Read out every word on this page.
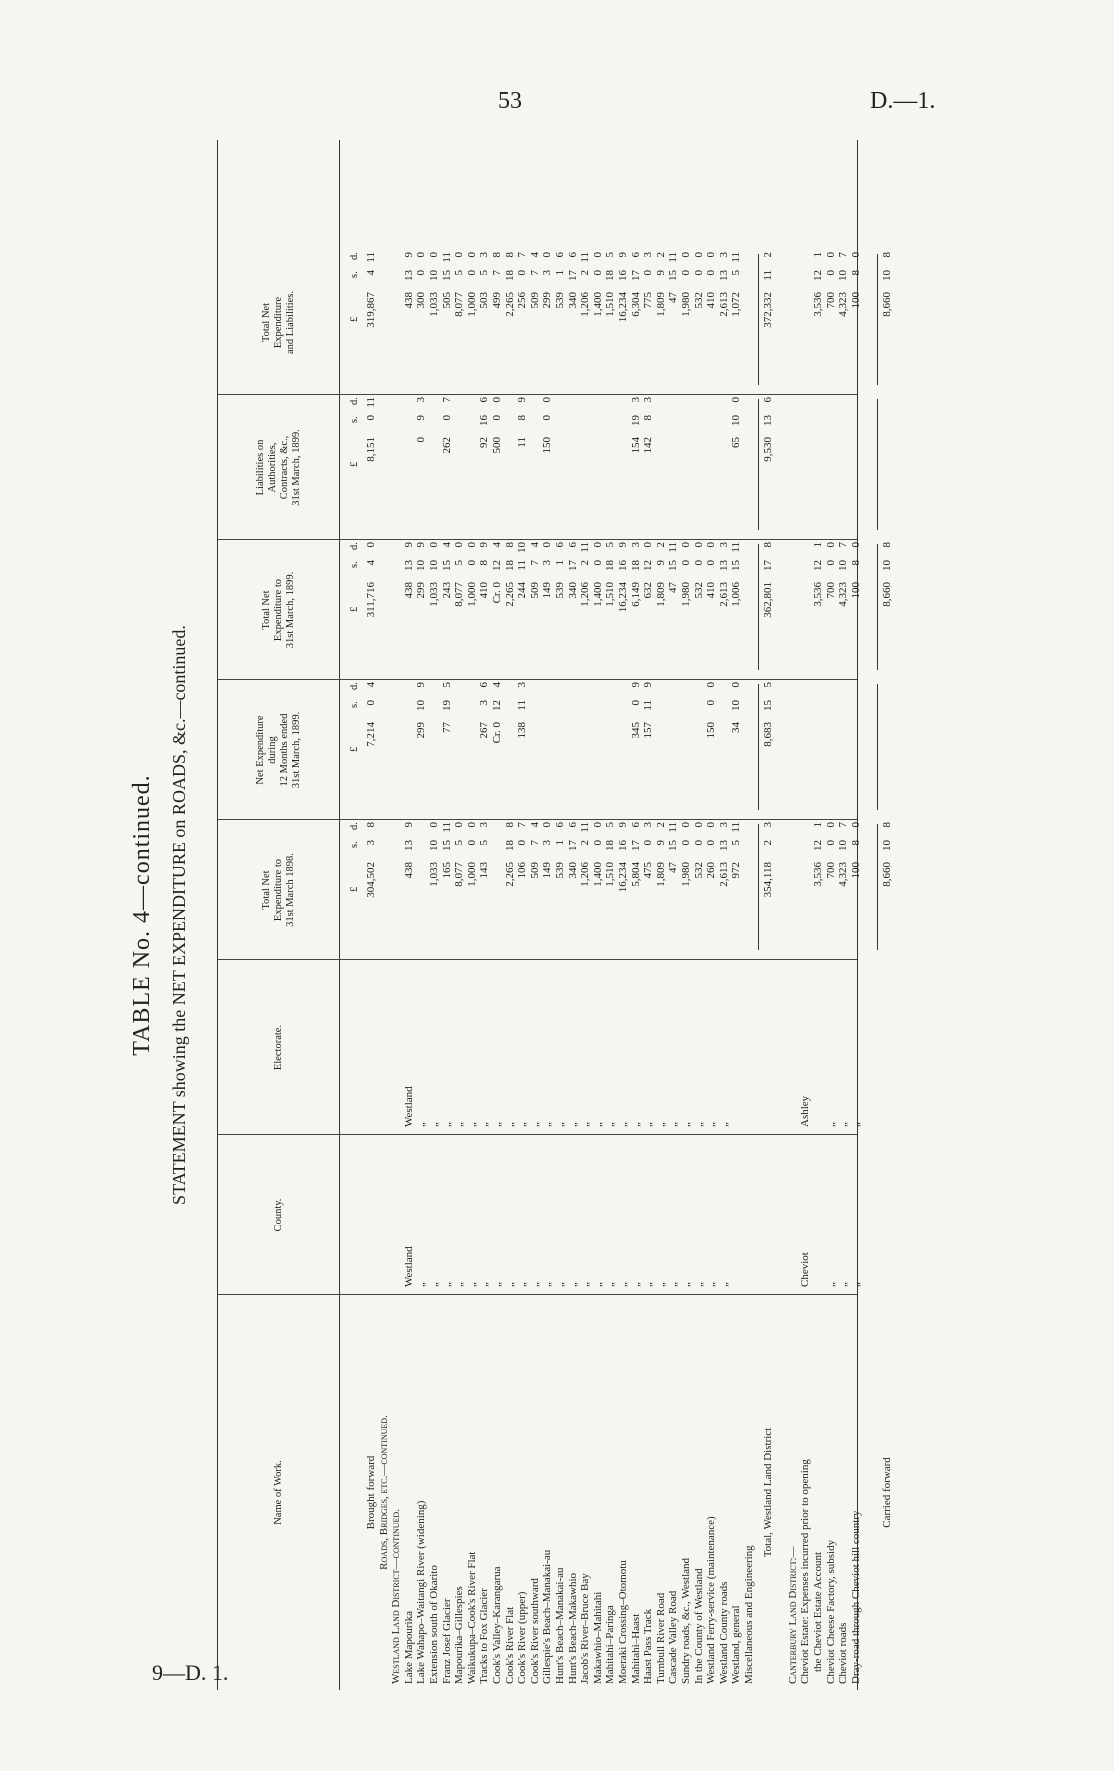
53	D.—1.
9—D. 1.
TABLE No. 4—continued. STATEMENT showing the NET EXPENDITURE on ROADS, &c.—continued.
Name of Work.
County.
Electorate.
Total Net
Expenditure to
31st March 1898.
Net Expenditure
during
12 Months ended
31st March, 1899.
Total Net
Expenditure to
31st March, 1899.
Liabilities on
Authorities,
Contracts, &c.,
31st March, 1899.
Total Net
Expenditure
and Liabilities.
£
s.
d.
£
s.
d.
£
s.
d.
£
s.
d.
£
s.
d.
Brought forward
304,502
3
8
7,214
0
4
311,716
4
0
8,151
0
11
319,867
4
11
Roads, Bridges, etc.—continued.
Westland Land District—continued. Lake Mapourika
Westland
Westland
438
13
9
438
13
9
438
13
9
Lake Wahapo–Waitangi River (widening)
„
„
299
10
9
299
10
9
0
9
3
300
0
0
Extension south of Okarito
„
„
1,033
10
0
1,033
10
0
1,033
10
0
Franz Josef Glacier
„
„
165
15
11
77
19
5
243
15
4
262
0
7
505
15
11
Mapourika–Gillespies
„
„
8,077
5
0
8,077
5
0
8,077
5
0
Waikukupa–Cook's River Flat
„
„
1,000
0
0
1,000
0
0
1,000
0
0
Tracks to Fox Glacier
„
„
143
5
3
267
3
6
410
8
9
92
16
6
503
5
3
Cook's Valley–Karangarua
„
„
Cr. 0
12
4
Cr. 0
12
4
500
0
0
499
7
8
Cook's River Flat
„
„
2,265
18
8
2,265
18
8
2,265
18
8
Cook's River (upper)
„
„
106
0
7
138
11
3
244
11
10
11
8
9
256
0
7
Cook's River southward
„
„
509
7
4
509
7
4
509
7
4
Gillespie's Beach–Manakai-au
„
„
149
3
0
149
3
0
150
0
0
299
3
0
Hunt's Beach–Manakai-au
„
„
539
1
6
539
1
6
539
1
6
Hunt's Beach–Makawhio
„
„
340
17
6
340
17
6
340
17
6
Jacob's River–Bruce Bay
„
„
1,206
2
11
1,206
2
11
1,206
2
11
Makawhio–Mahitahi
„
„
1,400
0
0
1,400
0
0
1,400
0
0
Mahitahi–Paringa
„
„
1,510
18
5
1,510
18
5
1,510
18
5
Moeraki Crossing–Otomotu
„
„
16,234
16
9
16,234
16
9
16,234
16
9
Mahitahi–Haast
„
„
5,804
17
6
345
0
9
6,149
18
3
154
19
3
6,304
17
6
Haast Pass Track
„
„
475
0
3
157
11
9
632
12
0
142
8
3
775
0
3
Turnbull River Road
„
„
1,809
9
2
1,809
9
2
1,809
9
2
Cascade Valley Road
„
„
47
15
11
47
15
11
47
15
11
Sundry roads, &c., Westland
„
„
1,980
0
0
1,980
0
0
1,980
0
0
In the County of Westland
„
„
532
0
0
532
0
0
532
0
0
Westland Ferry-service (maintenance)
„
„
260
0
0
150
0
0
410
0
0
410
0
0
Westland County roads
„
„
2,613
13
3
2,613
13
3
2,613
13
3
Westland, general
972
5
11
34
10
0
1,006
15
11
65
10
0
1,072
5
11
Miscellaneous and Engineering
Total, Westland Land District
354,118
2
3
8,683
15
5
362,801
17
8
9,530
13
6
372,332
11
2
Canterbury Land District:— Cheviot Estate: Expenses incurred prior to opening
Cheviot
Ashley
the Cheviot Estate Account
3,536
12
1
3,536
12
1
3,536
12
1
Cheviot Cheese Factory, subsidy
„
„
700
0
0
700
0
0
700
0
0
Cheviot roads
„
„
4,323
10
7
4,323
10
7
4,323
10
7
Dray-road through Cheviot hill country
„
„
100
8
0
100
8
0
100
8
0
Carried forward
8,660
10
8
8,660
10
8
8,660
10
8
